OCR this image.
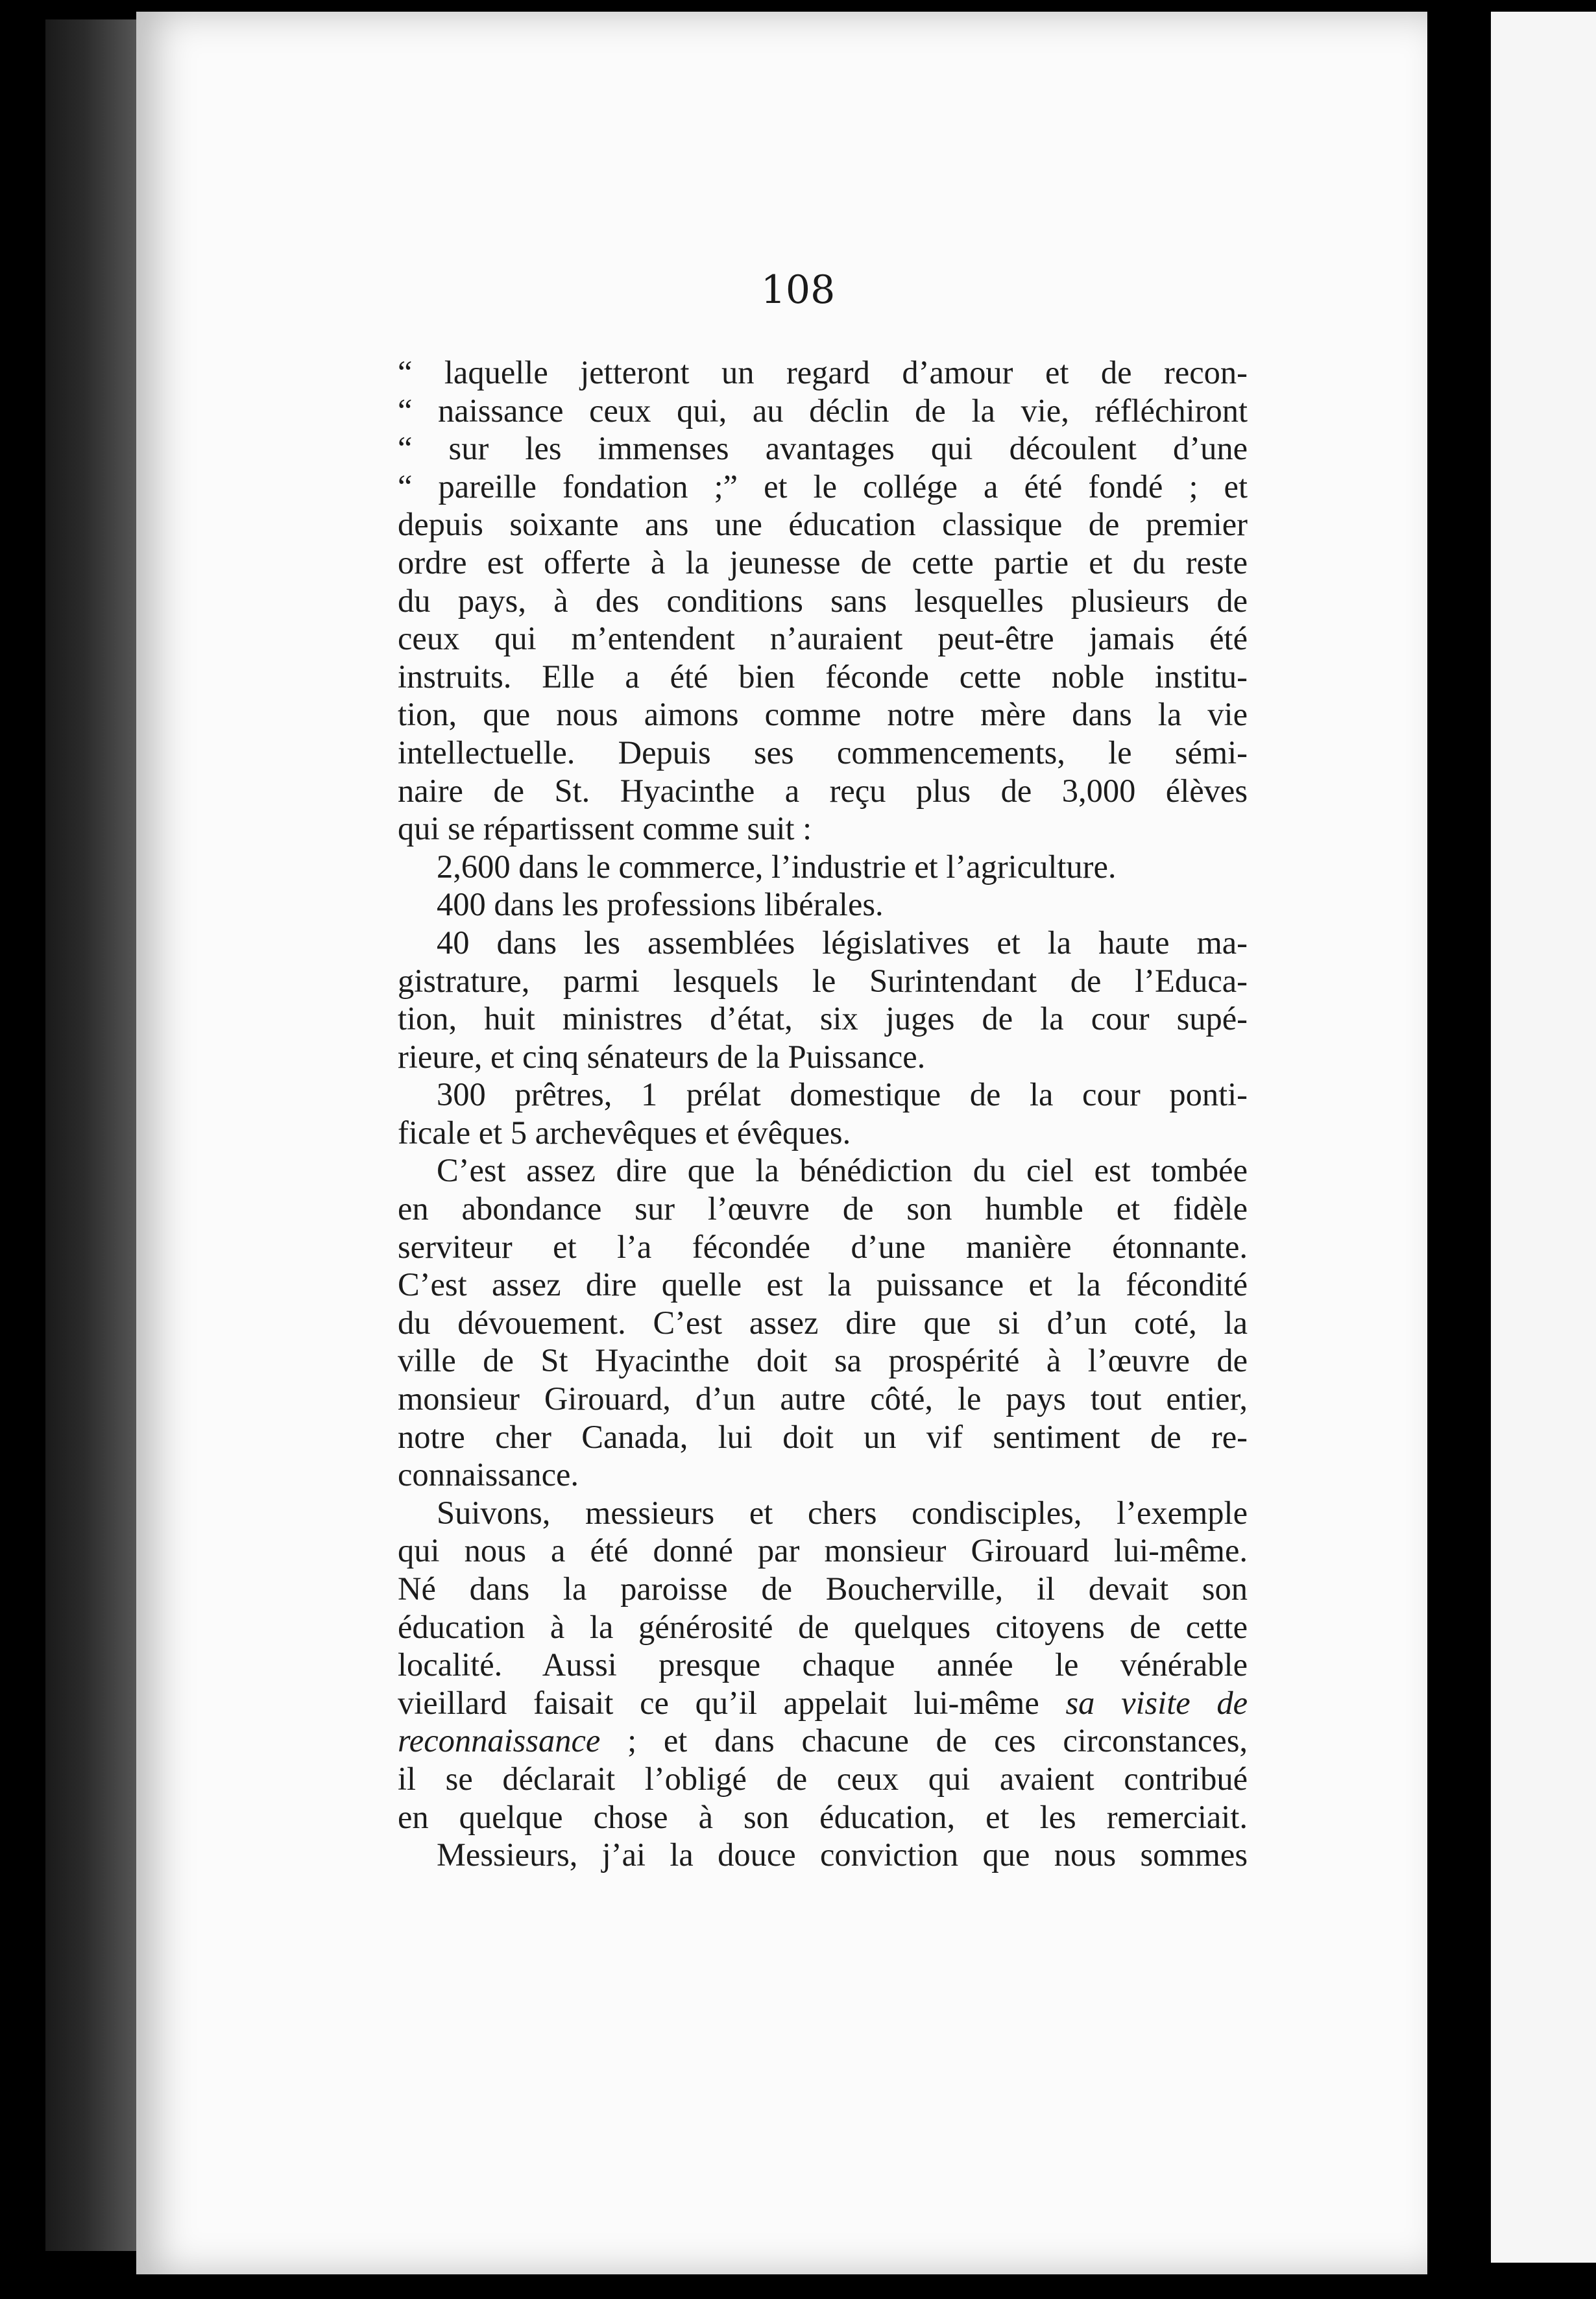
108
“ laquelle jetteront un regard d’amour et de recon-
“ naissance ceux qui, au déclin de la vie, réfléchiront
“ sur les immenses avantages qui découlent d’une
“ pareille fondation ;” et le collége a été fondé ; et
depuis soixante ans une éducation classique de premier
ordre est offerte à la jeunesse de cette partie et du reste
du pays, à des conditions sans lesquelles plusieurs de
ceux qui m’entendent n’auraient peut-être jamais été
instruits. Elle a été bien féconde cette noble institu-
tion, que nous aimons comme notre mère dans la vie
intellectuelle. Depuis ses commencements, le sémi-
naire de St. Hyacinthe a reçu plus de 3,000 élèves
qui se répartissent comme suit :
2,600 dans le commerce, l’industrie et l’agriculture.
400 dans les professions libérales.
40 dans les assemblées législatives et la haute ma-
gistrature, parmi lesquels le Surintendant de l’Educa-
tion, huit ministres d’état, six juges de la cour supé-
rieure, et cinq sénateurs de la Puissance.
300 prêtres, 1 prélat domestique de la cour ponti-
ficale et 5 archevêques et évêques.
C’est assez dire que la bénédiction du ciel est tombée
en abondance sur l’œuvre de son humble et fidèle
serviteur et l’a fécondée d’une manière étonnante.
C’est assez dire quelle est la puissance et la fécondité
du dévouement. C’est assez dire que si d’un coté, la
ville de St Hyacinthe doit sa prospérité à l’œuvre de
monsieur Girouard, d’un autre côté, le pays tout entier,
notre cher Canada, lui doit un vif sentiment de re-
connaissance.
Suivons, messieurs et chers condisciples, l’exemple
qui nous a été donné par monsieur Girouard lui-même.
Né dans la paroisse de Boucherville, il devait son
éducation à la générosité de quelques citoyens de cette
localité. Aussi presque chaque année le vénérable
vieillard faisait ce qu’il appelait lui-même sa visite de
reconnaissance ; et dans chacune de ces circonstances,
il se déclarait l’obligé de ceux qui avaient contribué
en quelque chose à son éducation, et les remerciait.
Messieurs, j’ai la douce conviction que nous sommes
